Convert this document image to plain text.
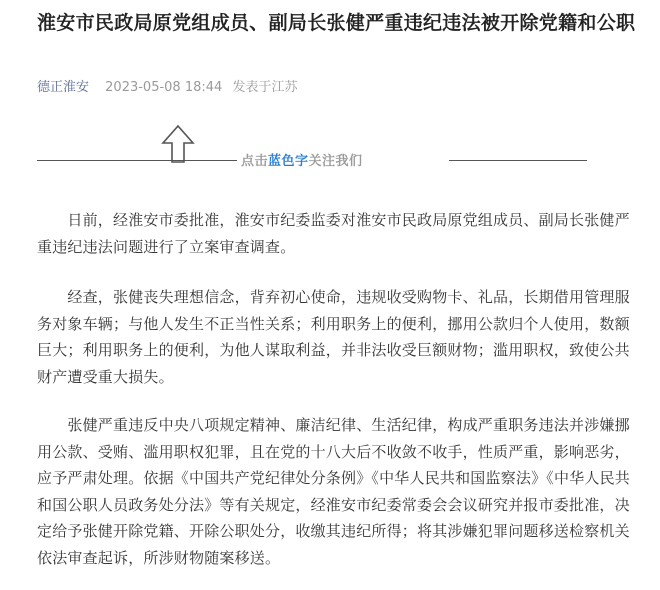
淮安市民政局原党组成员、副局长张健严重违纪违法被开除党籍和公职
德正淮安 2023-05-08 18:44 发表于江苏
点击蓝色字关注我们

　　日前，经淮安市委批准，淮安市纪委监委对淮安市民政局原党组成员、副局长张健严重违纪违法问题进行了立案审查调查。

　　经查，张健丧失理想信念，背弃初心使命，违规收受购物卡、礼品，长期借用管理服务对象车辆；与他人发生不正当性关系；利用职务上的便利，挪用公款归个人使用，数额巨大；利用职务上的便利，为他人谋取利益，并非法收受巨额财物；滥用职权，致使公共财产遭受重大损失。

　　张健严重违反中央八项规定精神、廉洁纪律、生活纪律，构成严重职务违法并涉嫌挪用公款、受贿、滥用职权犯罪，且在党的十八大后不收敛不收手，性质严重，影响恶劣，应予严肃处理。依据《中国共产党纪律处分条例》《中华人民共和国监察法》《中华人民共和国公职人员政务处分法》等有关规定，经淮安市纪委常委会会议研究并报市委批准，决定给予张健开除党籍、开除公职处分，收缴其违纪所得；将其涉嫌犯罪问题移送检察机关依法审查起诉，所涉财物随案移送。
